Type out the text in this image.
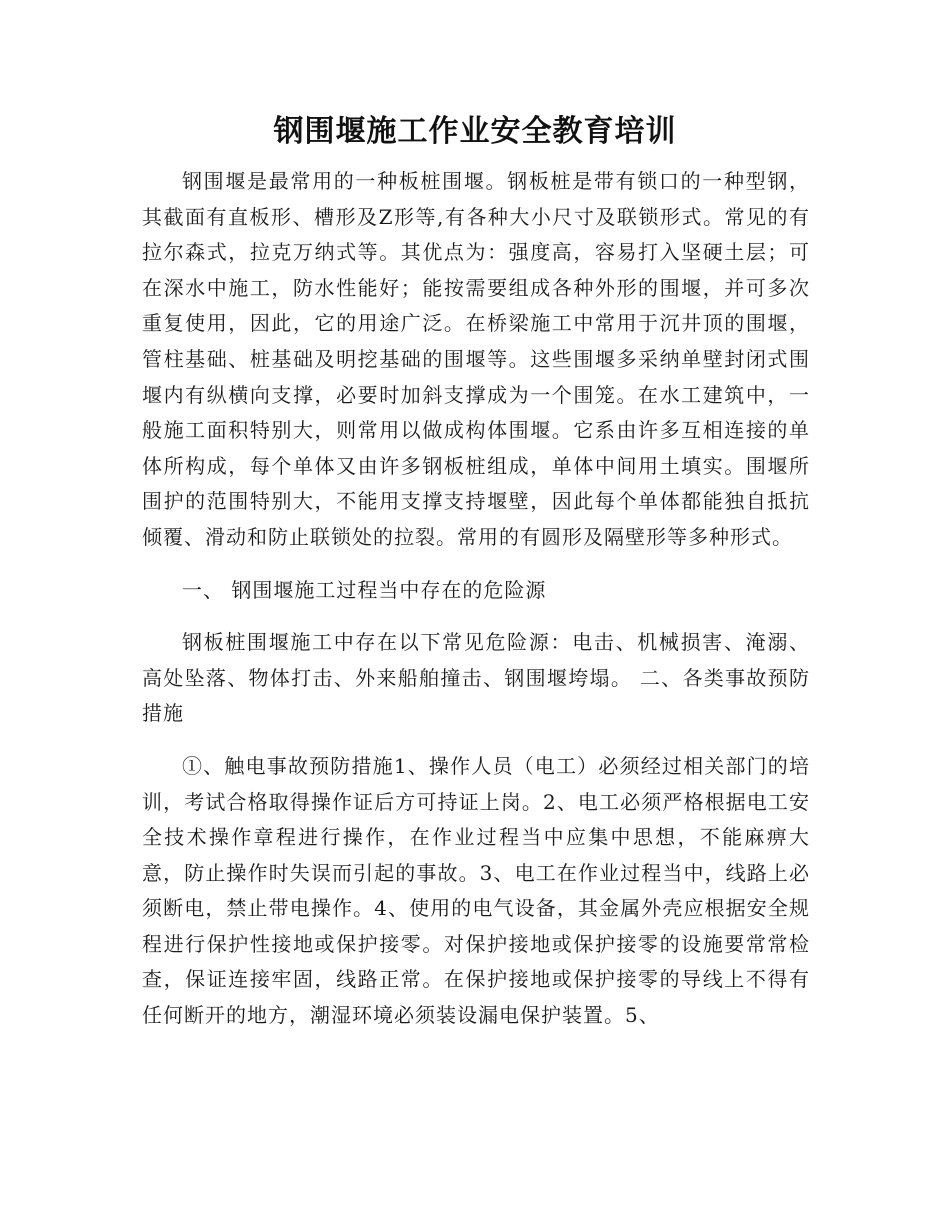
钢围堰施工作业安全教育培训

钢围堰是最常用的一种板桩围堰。钢板桩是带有锁口的一种型钢，其截面有直板形、槽形及Z形等,有各种大小尺寸及联锁形式。常见的有拉尔森式，拉克万纳式等。其优点为：强度高，容易打入坚硬土层；可在深水中施工，防水性能好；能按需要组成各种外形的围堰，并可多次重复使用，因此，它的用途广泛。在桥梁施工中常用于沉井顶的围堰，管柱基础、桩基础及明挖基础的围堰等。这些围堰多采纳单壁封闭式围堰内有纵横向支撑，必要时加斜支撑成为一个围笼。在水工建筑中，一般施工面积特别大，则常用以做成构体围堰。它系由许多互相连接的单体所构成，每个单体又由许多钢板桩组成，单体中间用土填实。围堰所围护的范围特别大，不能用支撑支持堰壁，因此每个单体都能独自抵抗倾覆、滑动和防止联锁处的拉裂。常用的有圆形及隔壁形等多种形式。

一、 钢围堰施工过程当中存在的危险源

钢板桩围堰施工中存在以下常见危险源：电击、机械损害、淹溺、高处坠落、物体打击、外来船舶撞击、钢围堰垮塌。 二、各类事故预防措施

①、触电事故预防措施1、操作人员（电工）必须经过相关部门的培训，考试合格取得操作证后方可持证上岗。2、电工必须严格根据电工安全技术操作章程进行操作，在作业过程当中应集中思想，不能麻痹大意，防止操作时失误而引起的事故。3、电工在作业过程当中，线路上必须断电，禁止带电操作。4、使用的电气设备，其金属外壳应根据安全规程进行保护性接地或保护接零。对保护接地或保护接零的设施要常常检查，保证连接牢固，线路正常。在保护接地或保护接零的导线上不得有任何断开的地方，潮湿环境必须装设漏电保护装置。5、
